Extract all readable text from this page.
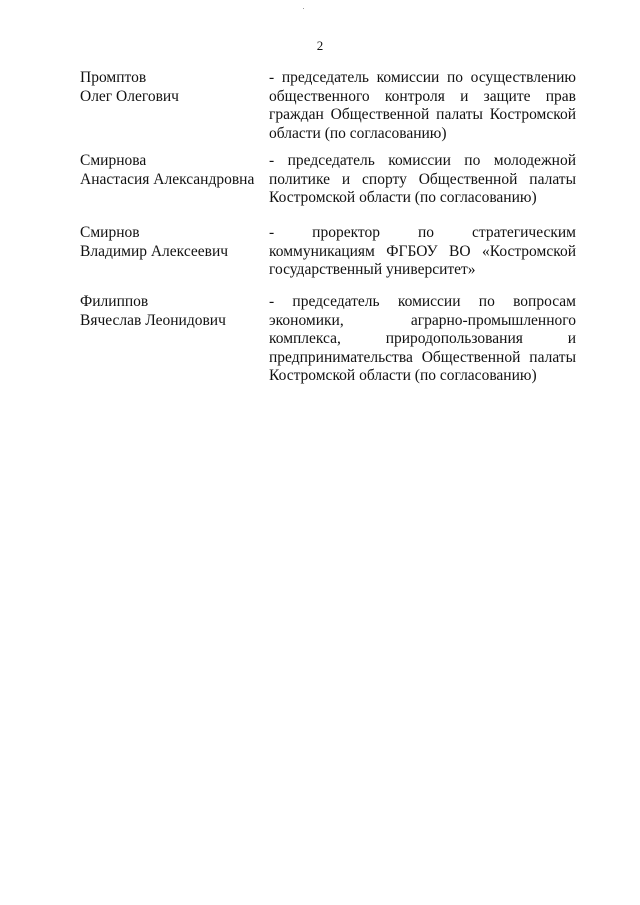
2
Промптов
Олег Олегович
- председатель комиссии по осуществлению общественного контроля и защите прав граждан Общественной палаты Костромской области (по согласованию)
Смирнова
Анастасия Александровна
- председатель комиссии по молодежной политике и спорту Общественной палаты Костромской области (по согласованию)
Смирнов
Владимир Алексеевич
- проректор по стратегическим коммуникациям ФГБОУ ВО «Костромской государственный университет»
Филиппов
Вячеслав Леонидович
- председатель комиссии по вопросам экономики, аграрно-промышленного комплекса, природопользования и предпринимательства Общественной палаты Костромской области (по согласованию)
